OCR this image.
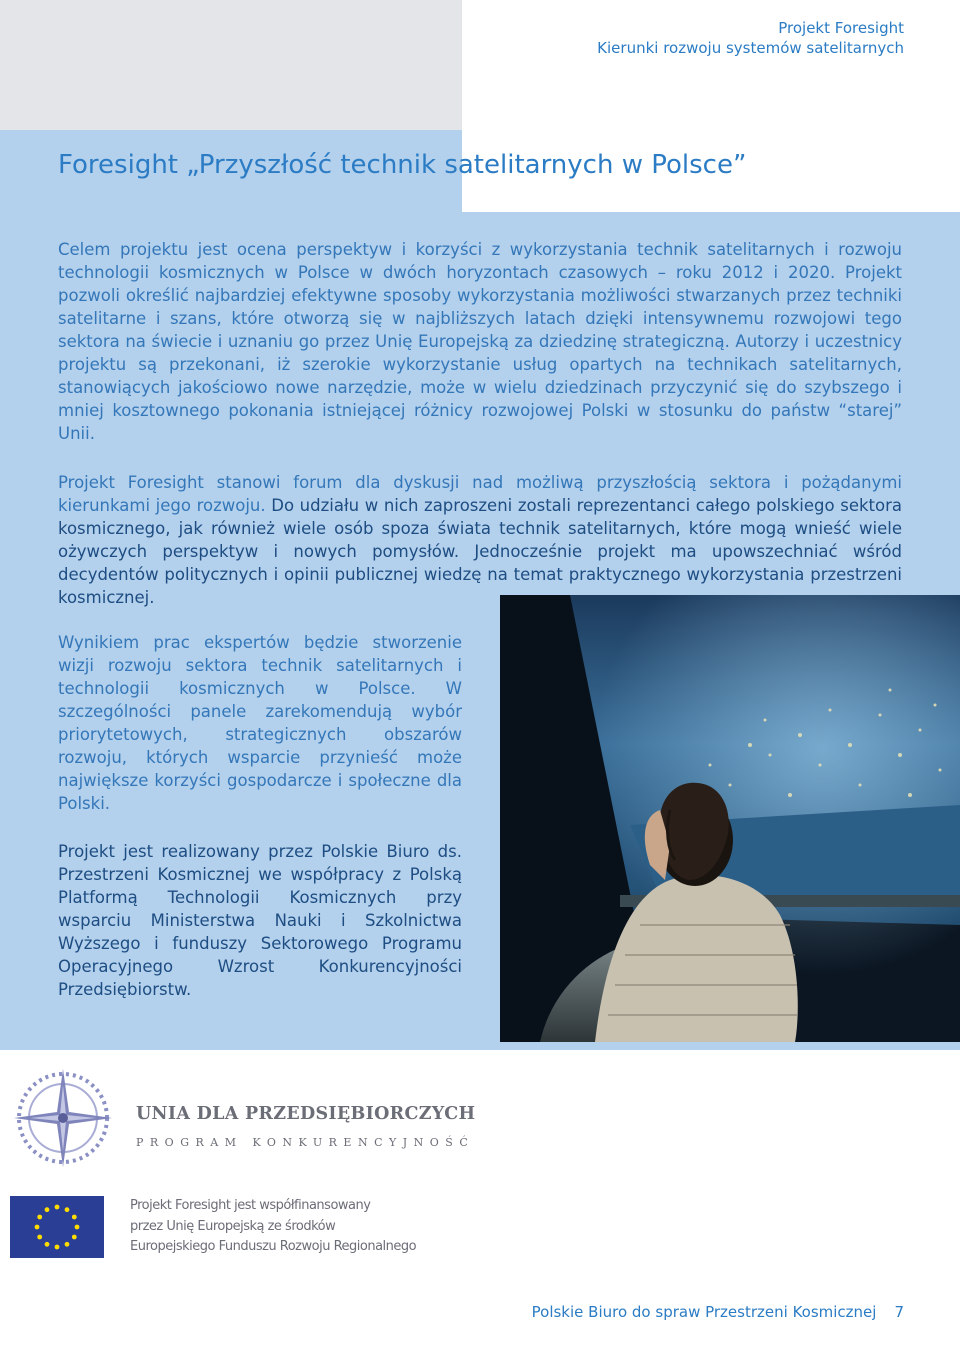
Projekt Foresight
Kierunki rozwoju systemów satelitarnych
Foresight „Przyszłość technik satelitarnych w Polsce”
Celem projektu jest ocena perspektyw i korzyści z wykorzystania technik satelitarnych i rozwoju technologii kosmicznych w Polsce w dwóch horyzontach czasowych – roku 2012 i 2020. Projekt pozwoli określić najbardziej efektywne sposoby wykorzystania możliwości stwarzanych przez techniki satelitarne i szans, które otworzą się w najbliższych latach dzięki intensywnemu rozwojowi tego sektora na świecie i uznaniu go przez Unię Europejską za dziedzinę strategiczną. Autorzy i uczestnicy projektu są przekonani, iż szerokie wykorzystanie usług opartych na technikach satelitarnych, stanowiących jakościowo nowe narzędzie, może w wielu dziedzinach przyczynić się do szybszego i mniej kosztownego pokonania istniejącej różnicy rozwojowej Polski w stosunku do państw “starej” Unii.
Projekt Foresight stanowi forum dla dyskusji nad możliwą przyszłością sektora i pożądanymi kierunkami jego rozwoju. Do udziału w nich zaproszeni zostali reprezentanci całego polskiego sektora kosmicznego, jak również wiele osób spoza świata technik satelitarnych, które mogą wnieść wiele ożywczych perspektyw i nowych pomysłów. Jednocześnie projekt ma upowszechniać wśród decydentów politycznych i opinii publicznej wiedzę na temat praktycznego wykorzystania przestrzeni kosmicznej.
Wynikiem prac ekspertów będzie stworzenie wizji rozwoju sektora technik satelitarnych i technologii kosmicznych w Polsce. W szczególności panele zarekomendują wybór priorytetowych, strategicznych obszarów rozwoju, których wsparcie przynieść może największe korzyści gospodarcze i społeczne dla Polski.
Projekt jest realizowany przez Polskie Biuro ds. Przestrzeni Kosmicznej we współpracy z Polską Platformą Technologii Kosmicznych przy wsparciu Ministerstwa Nauki i Szkolnictwa Wyższego i funduszy Sektorowego Programu Operacyjnego Wzrost Konkurencyjności Przedsiębiorstw.
UNIA DLA PRZEDSIĘBIORCZYCH
PROGRAM KONKURENCYJNOŚĆ
Projekt Foresight jest współfinansowany
przez Unię Europejską ze środków
Europejskiego Funduszu Rozwoju Regionalnego
Polskie Biuro do spraw Przestrzeni Kosmicznej 7
